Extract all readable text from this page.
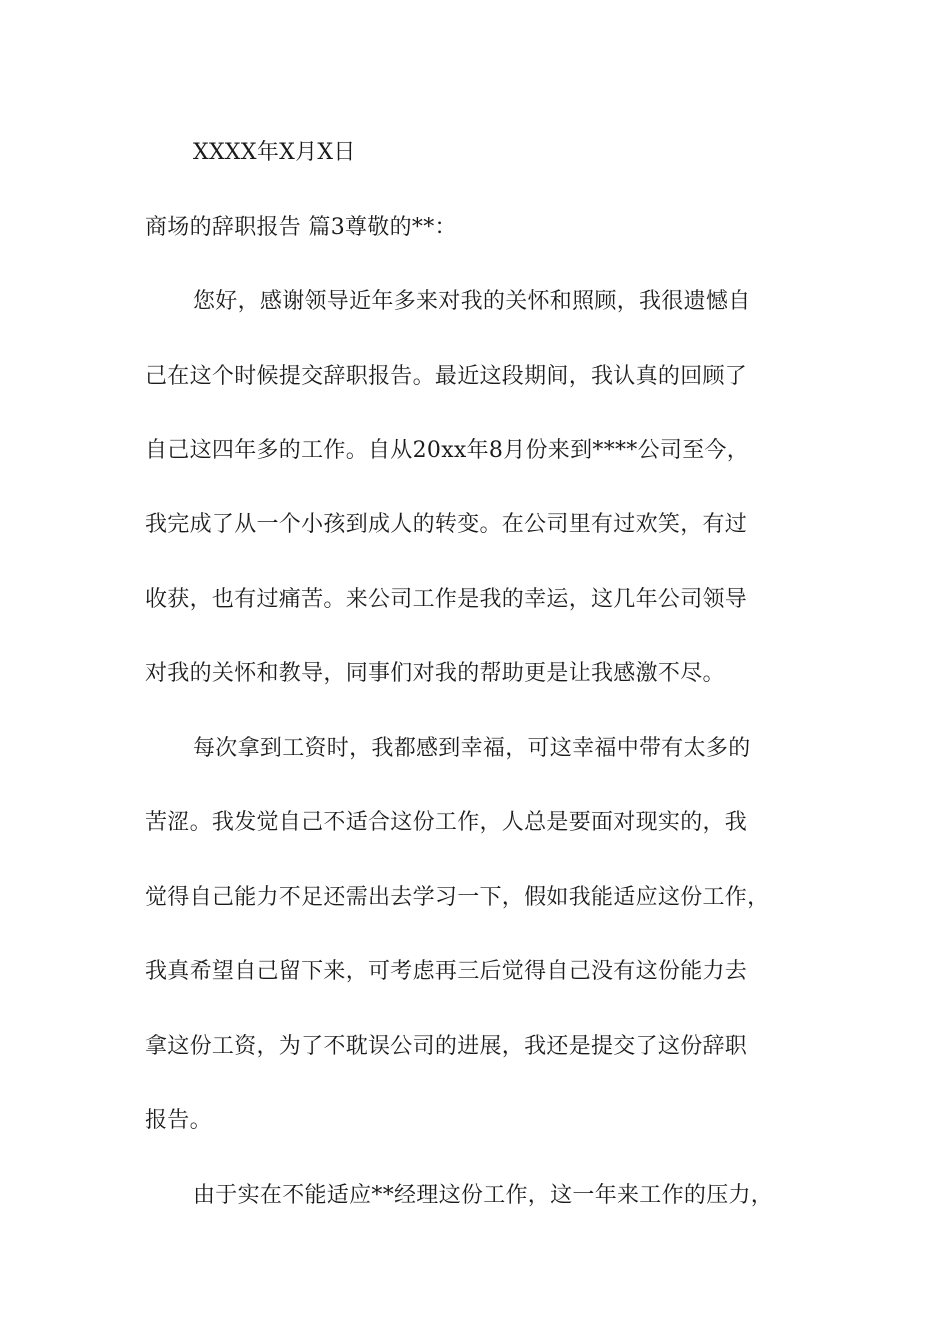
XXXX年X月X日
商场的辞职报告 篇3尊敬的**：
您好，感谢领导近年多来对我的关怀和照顾，我很遗憾自
己在这个时候提交辞职报告。最近这段期间，我认真的回顾了
自己这四年多的工作。自从20xx年8月份来到****公司至今，
我完成了从一个小孩到成人的转变。在公司里有过欢笑，有过
收获，也有过痛苦。来公司工作是我的幸运，这几年公司领导
对我的关怀和教导，同事们对我的帮助更是让我感激不尽。
每次拿到工资时，我都感到幸福，可这幸福中带有太多的
苦涩。我发觉自己不适合这份工作，人总是要面对现实的，我
觉得自己能力不足还需出去学习一下，假如我能适应这份工作，
我真希望自己留下来，可考虑再三后觉得自己没有这份能力去
拿这份工资，为了不耽误公司的进展，我还是提交了这份辞职
报告。
由于实在不能适应**经理这份工作，这一年来工作的压力，
